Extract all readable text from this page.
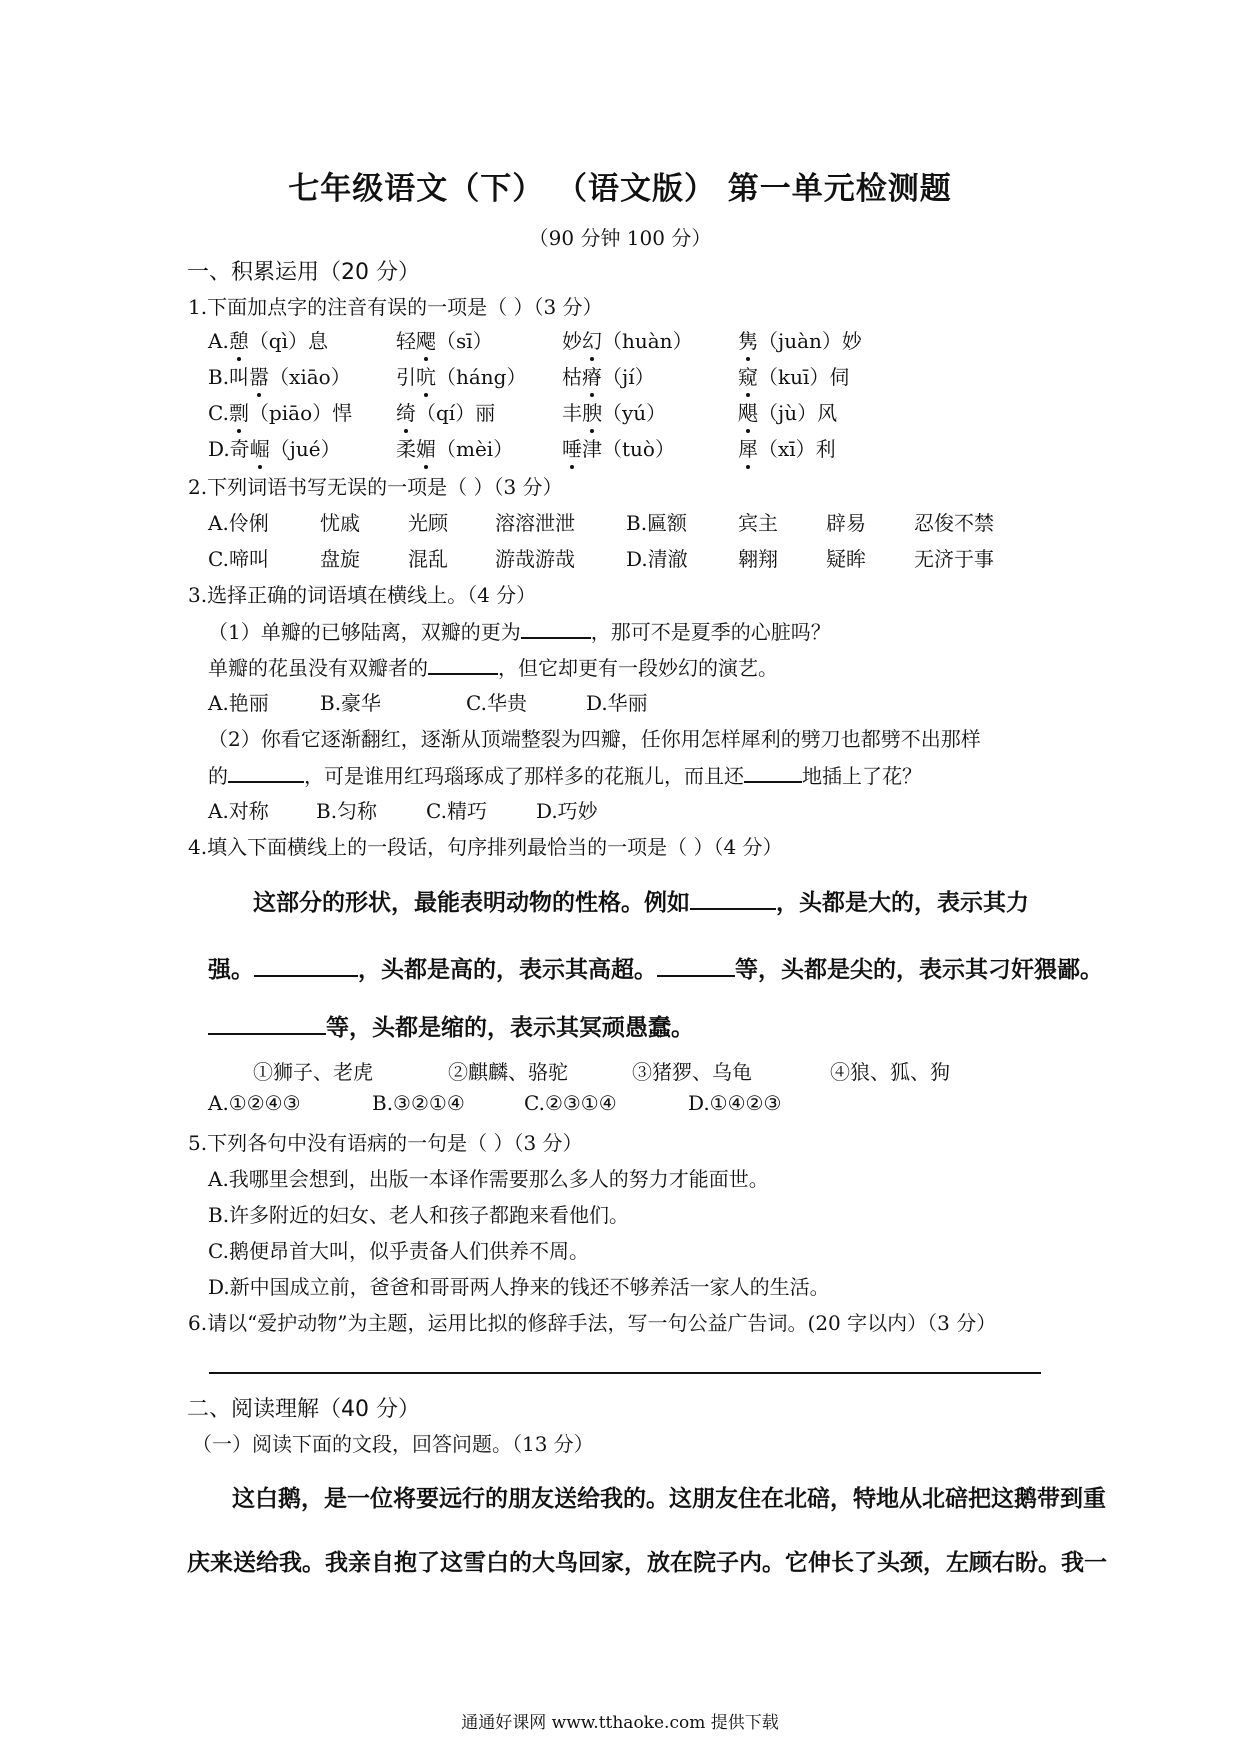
七年级语文（下） （语文版） 第一单元检测题
（90 分钟 100 分）
一、积累运用（20 分）
1.下面加点字的注音有误的一项是（ ）（3 分）
A.憩（qì）息	轻飔（sī）	妙幻（huàn） 隽（juàn）妙
B.叫嚣（xiāo） 引吭（háng） 枯瘠（jí）	窥（kuī）伺
C.剽（piāo）悍 绮（qí）丽	丰腴（yú）	飓（jù）风
D.奇崛（jué）	柔媚（mèi） 唾津（tuò）	犀（xī）利
2.下列词语书写无误的一项是（ ）（3 分）
A.伶俐	忧戚 光顾 溶溶泄泄	B.匾额	宾主 辟易 忍俊不禁
C.啼叫	盘旋 混乱 游哉游哉	D.清澈	翱翔 疑眸 无济于事
3.选择正确的词语填在横线上。（4 分）
（1）单瓣的已够陆离，双瓣的更为	，那可不是夏季的心脏吗？
单瓣的花虽没有双瓣者的	，但它却更有一段妙幻的演艺。
A.艳丽	B.豪华	C.华贵	D.华丽
（2）你看它逐渐翻红，逐渐从顶端整裂为四瓣，任你用怎样犀利的劈刀也都劈不出那样
的	，可是谁用红玛瑙琢成了那样多的花瓶儿，而且还	地插上了花？
A.对称 B.匀称 C.精巧 D.巧妙
4.填入下面横线上的一段话，句序排列最恰当的一项是（ ）（4 分）
这部分的形状，最能表明动物的性格。例如	，头都是大的，表示其力
强。	，头都是高的，表示其高超。	等，头都是尖的，表示其刁奸猥鄙。
等，头都是缩的，表示其冥顽愚蠢。
①狮子、老虎	②麒麟、骆驼	③猪猡、乌龟	④狼、狐、狗
A.①②④③	B.③②①④	C.②③①④	D.①④②③
5.下列各句中没有语病的一句是（ ）（3 分）
A.我哪里会想到，出版一本译作需要那么多人的努力才能面世。
B.许多附近的妇女、老人和孩子都跑来看他们。
C.鹅便昂首大叫，似乎责备人们供养不周。
D.新中国成立前，爸爸和哥哥两人挣来的钱还不够养活一家人的生活。
6.请以“爱护动物”为主题，运用比拟的修辞手法，写一句公益广告词。(20 字以内）（3 分）
二、阅读理解（40 分）
（一）阅读下面的文段，回答问题。（13 分）
这白鹅，是一位将要远行的朋友送给我的。这朋友住在北碚，特地从北碚把这鹅带到重
庆来送给我。我亲自抱了这雪白的大鸟回家，放在院子内。它伸长了头颈，左顾右盼。我一
通通好课网 www.tthaoke.com 提供下载
